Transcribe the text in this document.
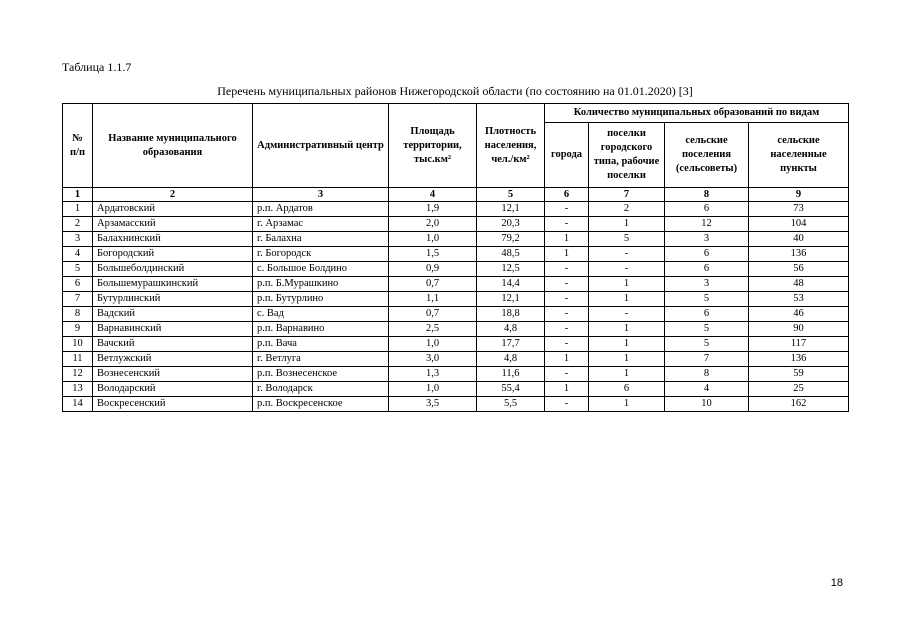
Таблица 1.1.7
Перечень муниципальных районов Нижегородской области (по состоянию на 01.01.2020) [3]
№ п/п	Название муниципального образования	Административный центр	Площадь территории, тыс.км²	Плотность населения, чел./км²	Количество муниципальных образований по видам			
					города	поселки городского типа, рабочие поселки	сельские поселения (сельсоветы)	сельские населенные пункты
1	2	3	4	5	6	7	8	9
1	Ардатовский	р.п. Ардатов	1,9	12,1	-	2	6	73
2	Арзамасский	г. Арзамас	2,0	20,3	-	1	12	104
3	Балахнинский	г. Балахна	1,0	79,2	1	5	3	40
4	Богородский	г. Богородск	1,5	48,5	1	-	6	136
5	Большеболдинский	с. Большое Болдино	0,9	12,5	-	-	6	56
6	Большемурашкинский	р.п. Б.Мурашкино	0,7	14,4	-	1	3	48
7	Бутурлинский	р.п. Бутурлино	1,1	12,1	-	1	5	53
8	Вадский	с. Вад	0,7	18,8	-	-	6	46
9	Варнавинский	р.п. Варнавино	2,5	4,8	-	1	5	90
10	Вачский	р.п. Вача	1,0	17,7	-	1	5	117
11	Ветлужский	г. Ветлуга	3,0	4,8	1	1	7	136
12	Вознесенский	р.п. Вознесенское	1,3	11,6	-	1	8	59
13	Володарский	г. Володарск	1,0	55,4	1	6	4	25
14	Воскресенский	р.п. Воскресенское	3,5	5,5	-	1	10	162
18
